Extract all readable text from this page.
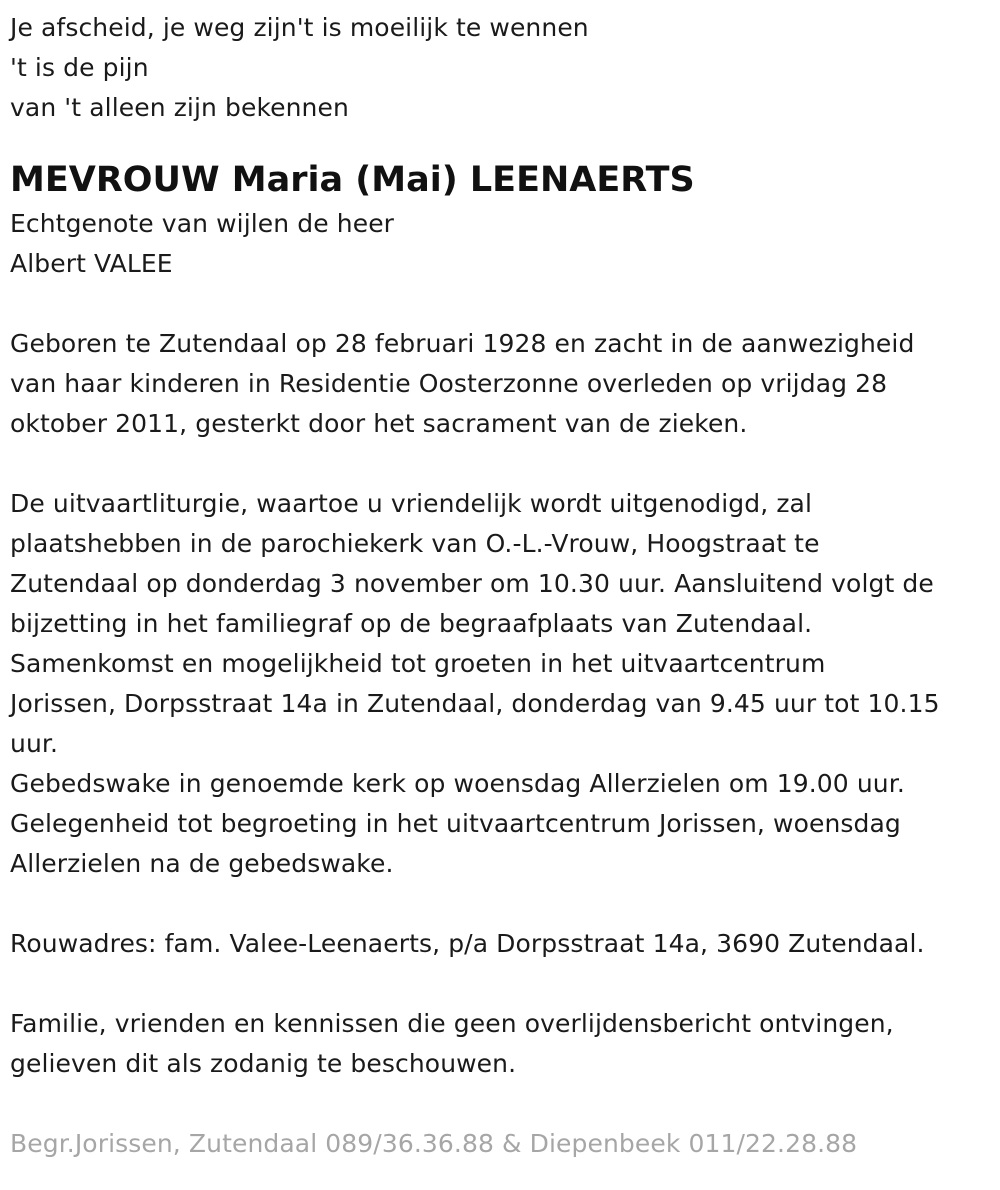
Je afscheid, je weg zijn't is moeilijk te wennen

't is de pijn

van 't alleen zijn bekennen

MEVROUW Maria (Mai) LEENAERTS

Echtgenote van wijlen de heer

Albert VALEE

Geboren te Zutendaal op 28 februari 1928 en zacht in de aanwezigheid

van haar kinderen in Residentie Oosterzonne overleden op vrijdag 28

oktober 2011, gesterkt door het sacrament van de zieken.

De uitvaartliturgie, waartoe u vriendelijk wordt uitgenodigd, zal

plaatshebben in de parochiekerk van O.-L.-Vrouw, Hoogstraat te

Zutendaal op donderdag 3 november om 10.30 uur. Aansluitend volgt de

bijzetting in het familiegraf op de begraafplaats van Zutendaal.

Samenkomst en mogelijkheid tot groeten in het uitvaartcentrum

Jorissen, Dorpsstraat 14a in Zutendaal, donderdag van 9.45 uur tot 10.15

uur.

Gebedswake in genoemde kerk op woensdag Allerzielen om 19.00 uur.

Gelegenheid tot begroeting in het uitvaartcentrum Jorissen, woensdag

Allerzielen na de gebedswake.

Rouwadres: fam. Valee-Leenaerts, p/a Dorpsstraat 14a, 3690 Zutendaal.

Familie, vrienden en kennissen die geen overlijdensbericht ontvingen,

gelieven dit als zodanig te beschouwen.

Begr.Jorissen, Zutendaal 089/36.36.88 & Diepenbeek 011/22.28.88
